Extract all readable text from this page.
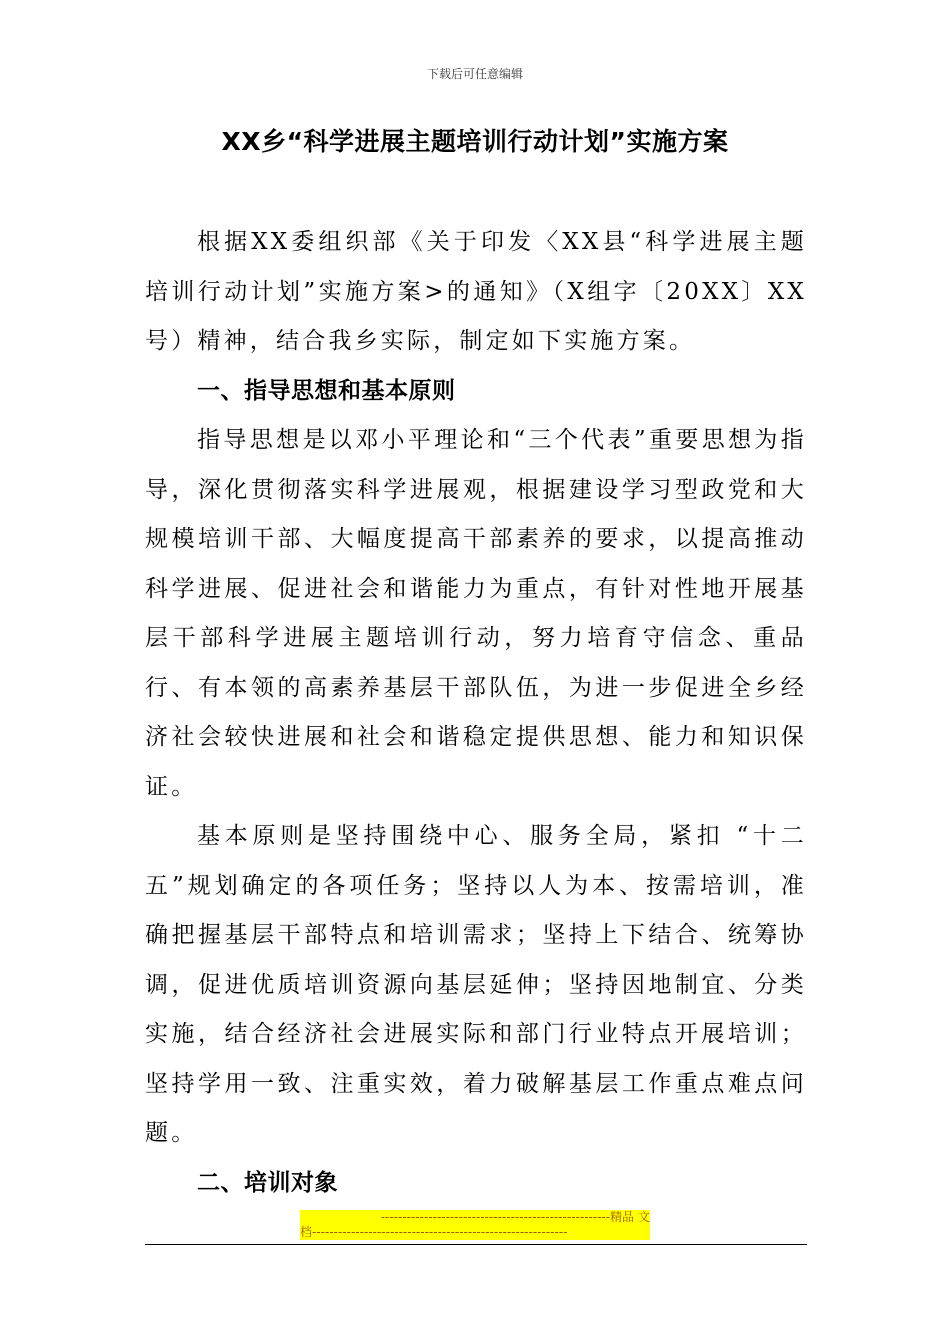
下载后可任意编辑
XX乡“科学进展主题培训行动计划”实施方案

根据XX委组织部《关于印发〈XX县“科学进展主题培训行动计划”实施方案>的通知》（X组字〔20XX〕XX号）精神，结合我乡实际，制定如下实施方案。

一、指导思想和基本原则

指导思想是以邓小平理论和“三个代表”重要思想为指导，深化贯彻落实科学进展观，根据建设学习型政党和大规模培训干部、大幅度提高干部素养的要求，以提高推动科学进展、促进社会和谐能力为重点，有针对性地开展基层干部科学进展主题培训行动，努力培育守信念、重品行、有本领的高素养基层干部队伍，为进一步促进全乡经济社会较快进展和社会和谐稳定提供思想、能力和知识保证。

基本原则是坚持围绕中心、服务全局，紧扣 “十二五”规划确定的各项任务；坚持以人为本、按需培训，准确把握基层干部特点和培训需求；坚持上下结合、统筹协调，促进优质培训资源向基层延伸；坚持因地制宜、分类实施，结合经济社会进展实际和部门行业特点开展培训；坚持学用一致、注重实效，着力破解基层工作重点难点问题。

二、培训对象
-----------------------------------------------------精品 文
档-----------------------------------------------------------
